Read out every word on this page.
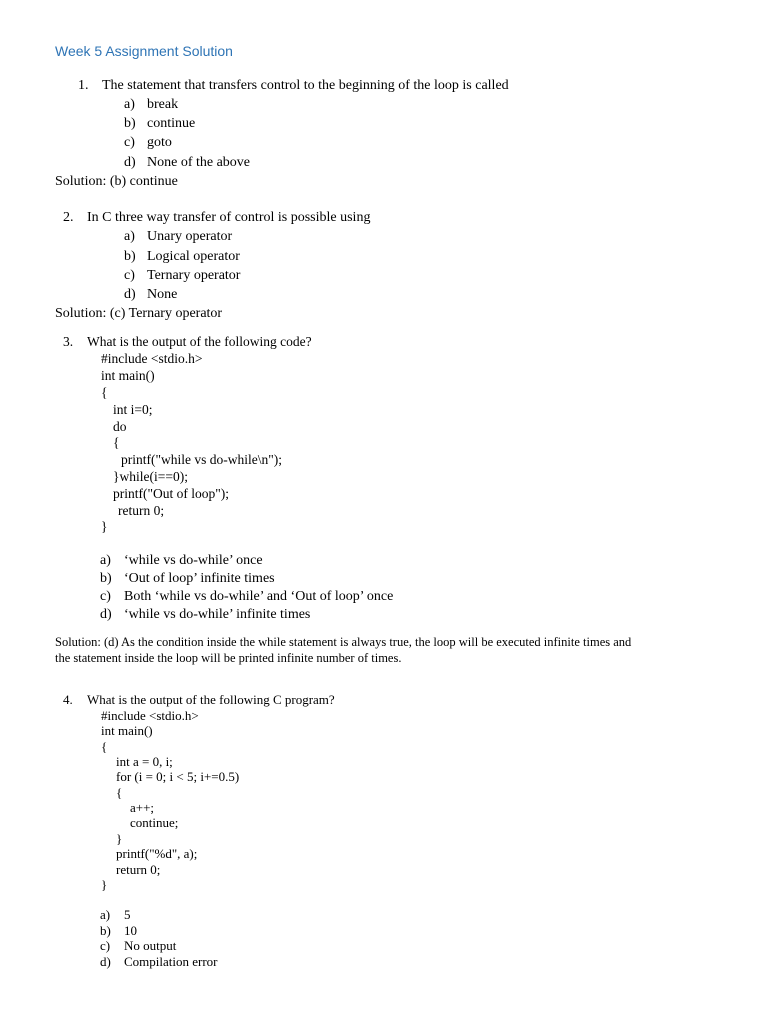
Week 5 Assignment Solution
1. The statement that transfers control to the beginning of the loop is called
a) break
b) continue
c) goto
d) None of the above
Solution: (b) continue
2. In C three way transfer of control is possible using
a) Unary operator
b) Logical operator
c) Ternary operator
d) None
Solution: (c) Ternary operator
3. What is the output of the following code?
#include <stdio.h>
int main()
{
int i=0;
do
{
printf("while vs do-while\n");
}while(i==0);
printf("Out of loop");
return 0;
}
a) ‘while vs do-while’ once
b) ‘Out of loop’ infinite times
c) Both ‘while vs do-while’ and ‘Out of loop’ once
d) ‘while vs do-while’ infinite times
Solution: (d) As the condition inside the while statement is always true, the loop will be executed infinite times and
the statement inside the loop will be printed infinite number of times.
4. What is the output of the following C program?
#include <stdio.h>
int main()
{
int a = 0, i;
for (i = 0; i < 5; i+=0.5)
{
a++;
continue;
}
printf("%d", a);
return 0;
}
a) 5
b) 10
c) No output
d) Compilation error
